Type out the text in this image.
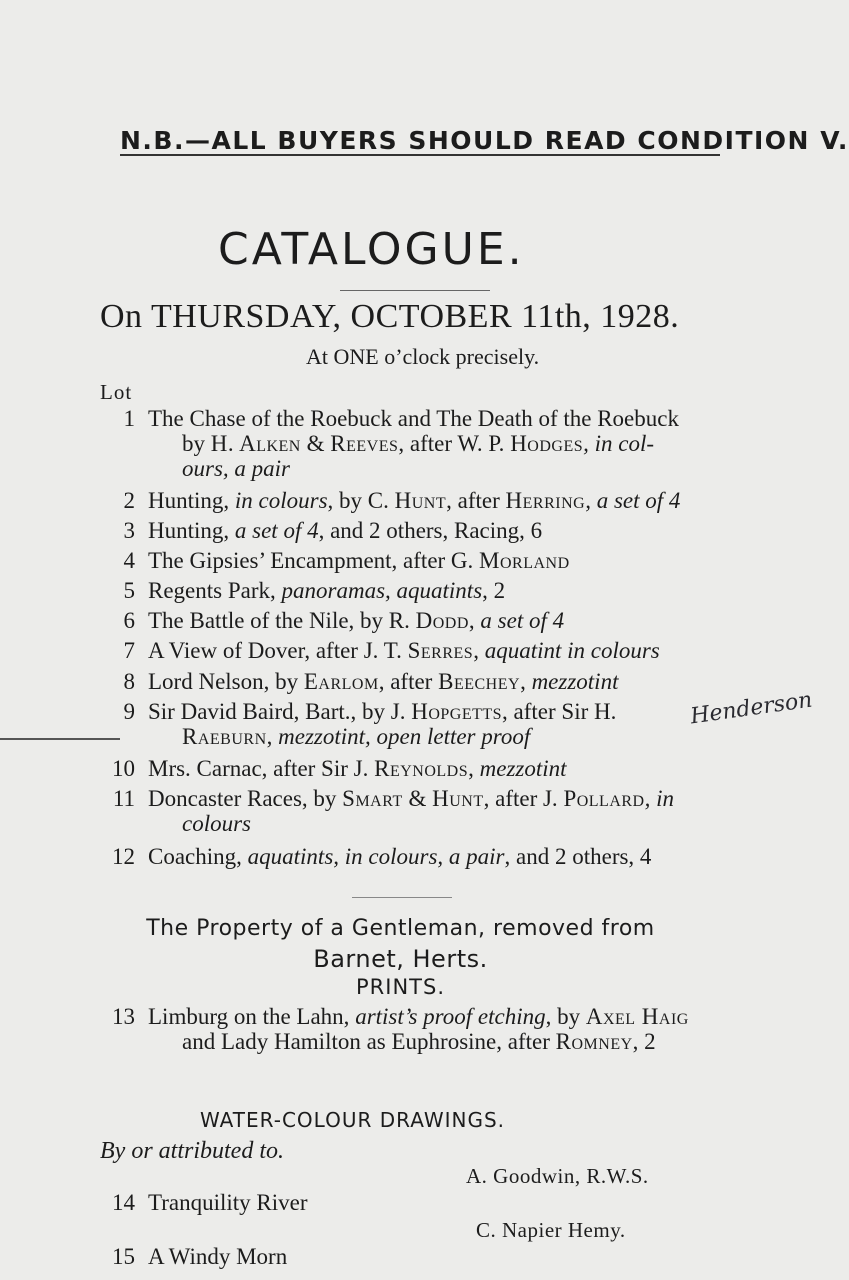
N.B.—ALL BUYERS SHOULD READ CONDITION V.
CATALOGUE.
On THURSDAY, OCTOBER 11th, 1928.
At ONE o’clock precisely.
Lot
1 The Chase of the Roebuck and The Death of the Roebuck
by H. Alken & Reeves, after W. P. Hodges, in col-
ours, a pair
2 Hunting, in colours, by C. Hunt, after Herring, a set of 4
3 Hunting, a set of 4, and 2 others, Racing, 6
4 The Gipsies’ Encampment, after G. Morland
5 Regents Park, panoramas, aquatints, 2
6 The Battle of the Nile, by R. Dodd, a set of 4
7 A View of Dover, after J. T. Serres, aquatint in colours
8 Lord Nelson, by Earlom, after Beechey, mezzotint
9 Sir David Baird, Bart., by J. Hopgetts, after Sir H.
Raeburn, mezzotint, open letter proof
10 Mrs. Carnac, after Sir J. Reynolds, mezzotint
11 Doncaster Races, by Smart & Hunt, after J. Pollard, in
colours
12 Coaching, aquatints, in colours, a pair, and 2 others, 4
The Property of a Gentleman, removed from
Barnet, Herts.
PRINTS.
13 Limburg on the Lahn, artist’s proof etching, by Axel Haig
and Lady Hamilton as Euphrosine, after Romney, 2
WATER-COLOUR DRAWINGS.
By or attributed to.
A. Goodwin, R.W.S.
14 Tranquility River
C. Napier Hemy.
15 A Windy Morn
Henderson
